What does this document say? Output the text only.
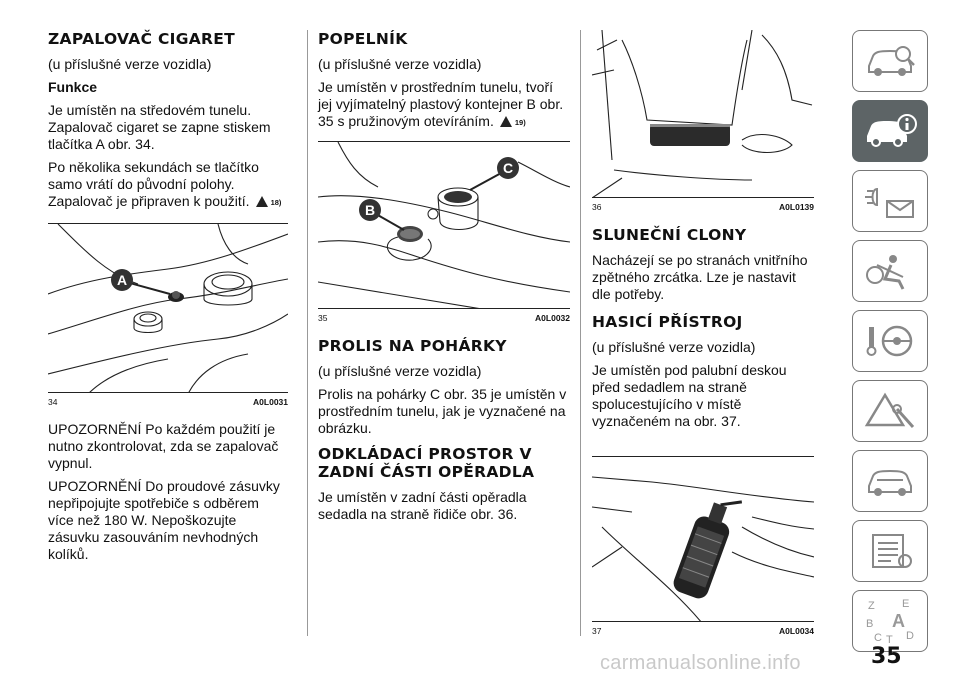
ZAPALOVAČ CIGARET
(u příslušné verze vozidla)
Funkce

Je umístěn na středovém tunelu. Zapalovač cigaret se zapne stiskem tlačítka A obr. 34.

Po několika sekundách se tlačítko samo vrátí do původní polohy. Zapalovač je připraven k použití.	18)

A
34	A0L0031

UPOZORNĚNÍ Po každém použití je nutno zkontrolovat, zda se zapalovač vypnul.

UPOZORNĚNÍ Do proudové zásuvky nepřipojujte spotřebiče s odběrem více než 180 W. Nepoškozujte zásuvku zasouváním nevhodných kolíků.

POPELNÍK
(u příslušné verze vozidla)

Je umístěn v prostředním tunelu, tvoří jej vyjímatelný plastový kontejner B obr. 35 s pružinovým otevíráním.	19)

B
C
35	A0L0032
PROLIS NA POHÁRKY
(u příslušné verze vozidla)

Prolis na pohárky C obr. 35 je umístěn v prostředním tunelu, jak je vyznačené na obrázku.

ODKLÁDACÍ PROSTOR V
ZADNÍ ČÁSTI OPĚRADLA

Je umístěn v zadní části opěradla sedadla na straně řidiče obr. 36.

36	A0L0139
SLUNEČNÍ CLONY

Nacházejí se po stranách vnitřního zpětného zrcátka. Lze je nastavit dle potřeby.

HASICÍ PŘÍSTROJ
(u příslušné verze vozidla)

Je umístěn pod palubní deskou před sedadlem na straně spolucestujícího v místě vyznačeném na obr. 37.

37	A0L0034
Z E
B A
C T D
35
carmanualsonline.info
